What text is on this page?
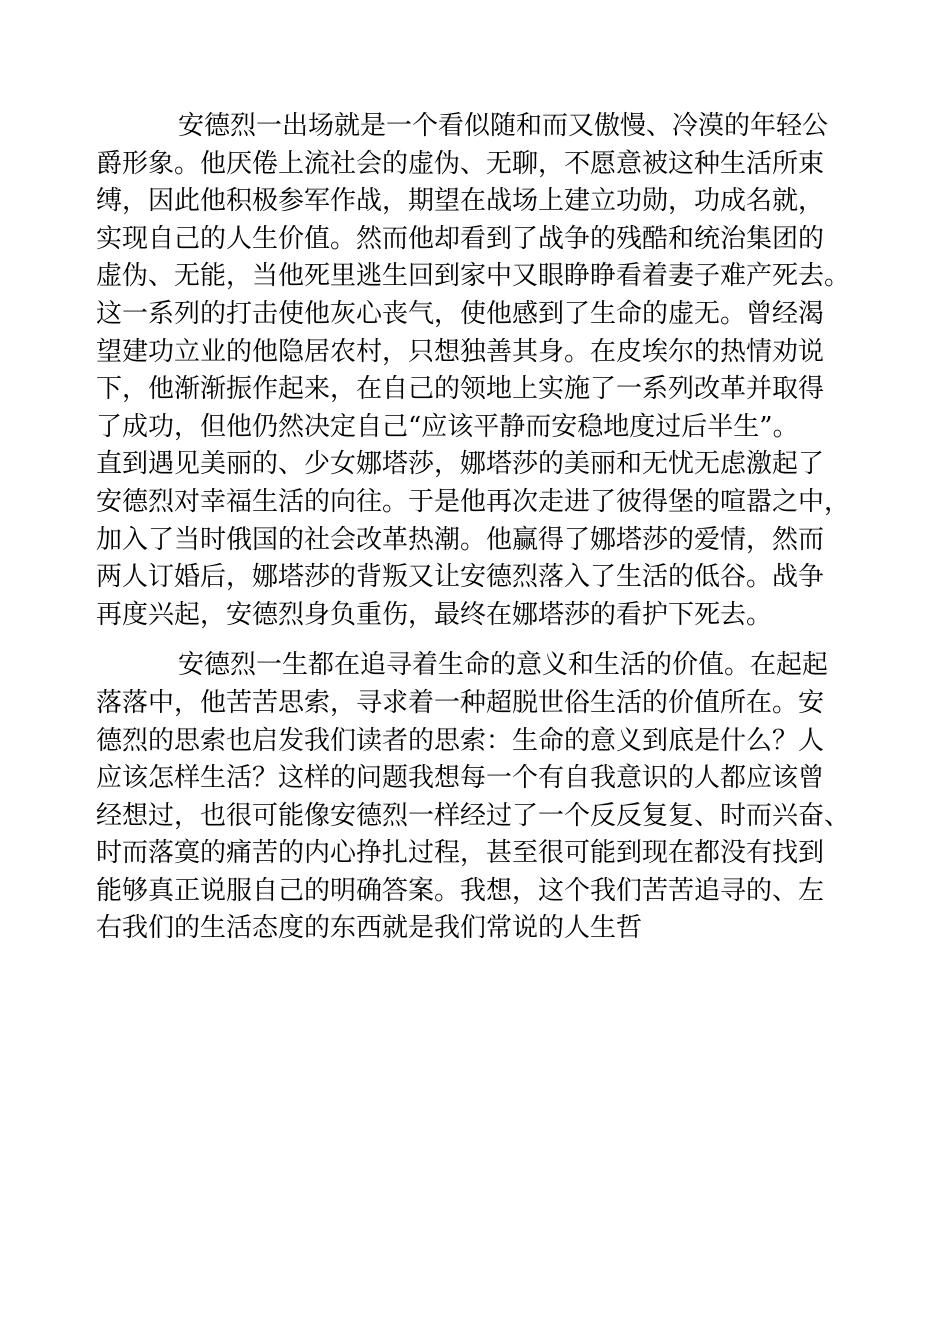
安德烈一出场就是一个看似随和而又傲慢、冷漠的年轻公
爵形象。他厌倦上流社会的虚伪、无聊，不愿意被这种生活所束
缚，因此他积极参军作战，期望在战场上建立功勋，功成名就，
实现自己的人生价值。然而他却看到了战争的残酷和统治集团的
虚伪、无能，当他死里逃生回到家中又眼睁睁看着妻子难产死去。
这一系列的打击使他灰心丧气，使他感到了生命的虚无。曾经渴
望建功立业的他隐居农村，只想独善其身。在皮埃尔的热情劝说
下，他渐渐振作起来，在自己的领地上实施了一系列改革并取得
了成功，但他仍然决定自己“应该平静而安稳地度过后半生”。
直到遇见美丽的、少女娜塔莎，娜塔莎的美丽和无忧无虑激起了
安德烈对幸福生活的向往。于是他再次走进了彼得堡的喧嚣之中，
加入了当时俄国的社会改革热潮。他赢得了娜塔莎的爱情，然而
两人订婚后，娜塔莎的背叛又让安德烈落入了生活的低谷。战争
再度兴起，安德烈身负重伤，最终在娜塔莎的看护下死去。

安德烈一生都在追寻着生命的意义和生活的价值。在起起
落落中，他苦苦思索，寻求着一种超脱世俗生活的价值所在。安
德烈的思索也启发我们读者的思索：生命的意义到底是什么？人
应该怎样生活？这样的问题我想每一个有自我意识的人都应该曾
经想过，也很可能像安德烈一样经过了一个反反复复、时而兴奋、
时而落寞的痛苦的内心挣扎过程，甚至很可能到现在都没有找到
能够真正说服自己的明确答案。我想，这个我们苦苦追寻的、左
右我们的生活态度的东西就是我们常说的人生哲
